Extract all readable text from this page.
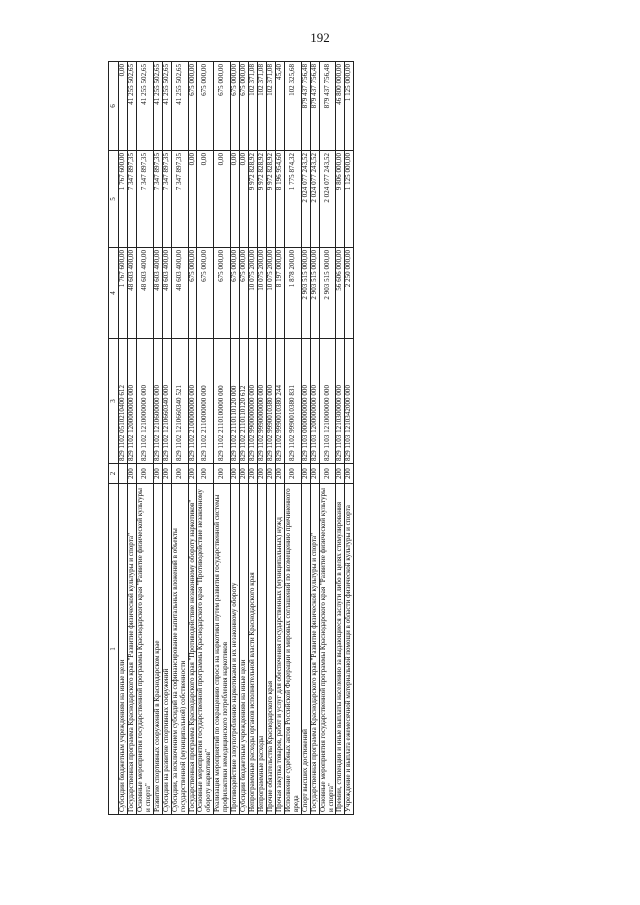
192
1	2	3	4	5	6
Субсидии бюджетным учреждениям на иные цели		829 1102 0510210400 612	1 767 600,00	1 767 600,00	0,00
Государственная программа Краснодарского края "Развитие физической культуры и спорта"	200	829 1102 1200000000 000	48 603 400,00	7 347 897,35	41 255 502,65
Основные мероприятия государственной программы Краснодарского края "Развитие физической культуры и спорта"	200	829 1102 1210000000 000	48 603 400,00	7 347 897,35	41 255 502,65
Развитие спортивных сооружений в Краснодарском крае	200	829 1102 1210600000 000	48 603 400,00	7 347 897,35	41 255 502,65
Субсидии на развитие спортивных сооружений	200	829 1102 1210660340 000	48 603 400,00	7 347 897,35	41 255 502,65
Субсидии, за исключением субсидий на софинансирование капитальных вложений в объекты государственной (муниципальной) собственности	200	829 1102 1210660340 521	48 603 400,00	7 347 897,35	41 255 502,65
Государственная программа Краснодарского края "Противодействие незаконному обороту наркотиков"	200	829 1102 2100000000 000	675 000,00	0,00	675 000,00
Основные мероприятия государственной программы Краснодарского края "Противодействие незаконному обороту наркотиков"	200	829 1102 2110000000 000	675 000,00	0,00	675 000,00
Реализация мероприятий по сокращению спроса на наркотики путем развития государственной системы профилактики немедицинского потребления наркотиков	200	829 1102 2110100000 000	675 000,00	0,00	675 000,00
Противодействие злоупотреблению наркотиками и их незаконному обороту	200	829 1102 2110110120 000	675 000,00	0,00	675 000,00
Субсидии бюджетным учреждениям на иные цели	200	829 1102 2110110120 612	675 000,00	0,00	675 000,00
Непрограммные расходы органов исполнительной власти Краснодарского края	200	829 1102 9900000000 000	10 075 200,00	9 972 828,92	102 371,08
Непрограммные расходы	200	829 1102 9990000000 000	10 075 200,00	9 972 828,92	102 371,08
Прочие обязательства Краснодарского края	200	829 1102 9990010380 000	10 075 200,00	9 972 828,92	102 371,08
Прочая закупка товаров, работ и услуг для обеспечения государственных (муниципальных) нужд	200	829 1102 9990010380 244	8 197 000,00	8 196 954,60	45,40
Исполнение судебных актов Российской Федерации и мировых соглашений по возмещению причиненного вреда	200	829 1102 9990010380 831	1 878 200,00	1 775 874,32	102 325,68
Спорт высших достижений	200	829 1103 0000000000 000	2 903 515 000,00	2 024 077 243,52	879 437 756,48
Государственная программа Краснодарского края "Развитие физической культуры и спорта"	200	829 1103 1200000000 000	2 903 515 000,00	2 024 077 243,52	879 437 756,48
Основные мероприятия государственной программы Краснодарского края "Развитие физической культуры и спорта"	200	829 1103 1210000000 000	2 903 515 000,00	2 024 077 243,52	879 437 756,48
Премии, стипендии и иные выплаты населению за выдающиеся заслуги либо в целях стимулирования	200	829 1103 1210300000 000	56 606 000,00	9 806 000,00	46 800 000,00
Учреждение и выплата ежемесячной материальной помощи в области физической культуры и спорта	200	829 1103 1210342000 000	2 250 000,00	1 125 000,00	1 125 000,00
